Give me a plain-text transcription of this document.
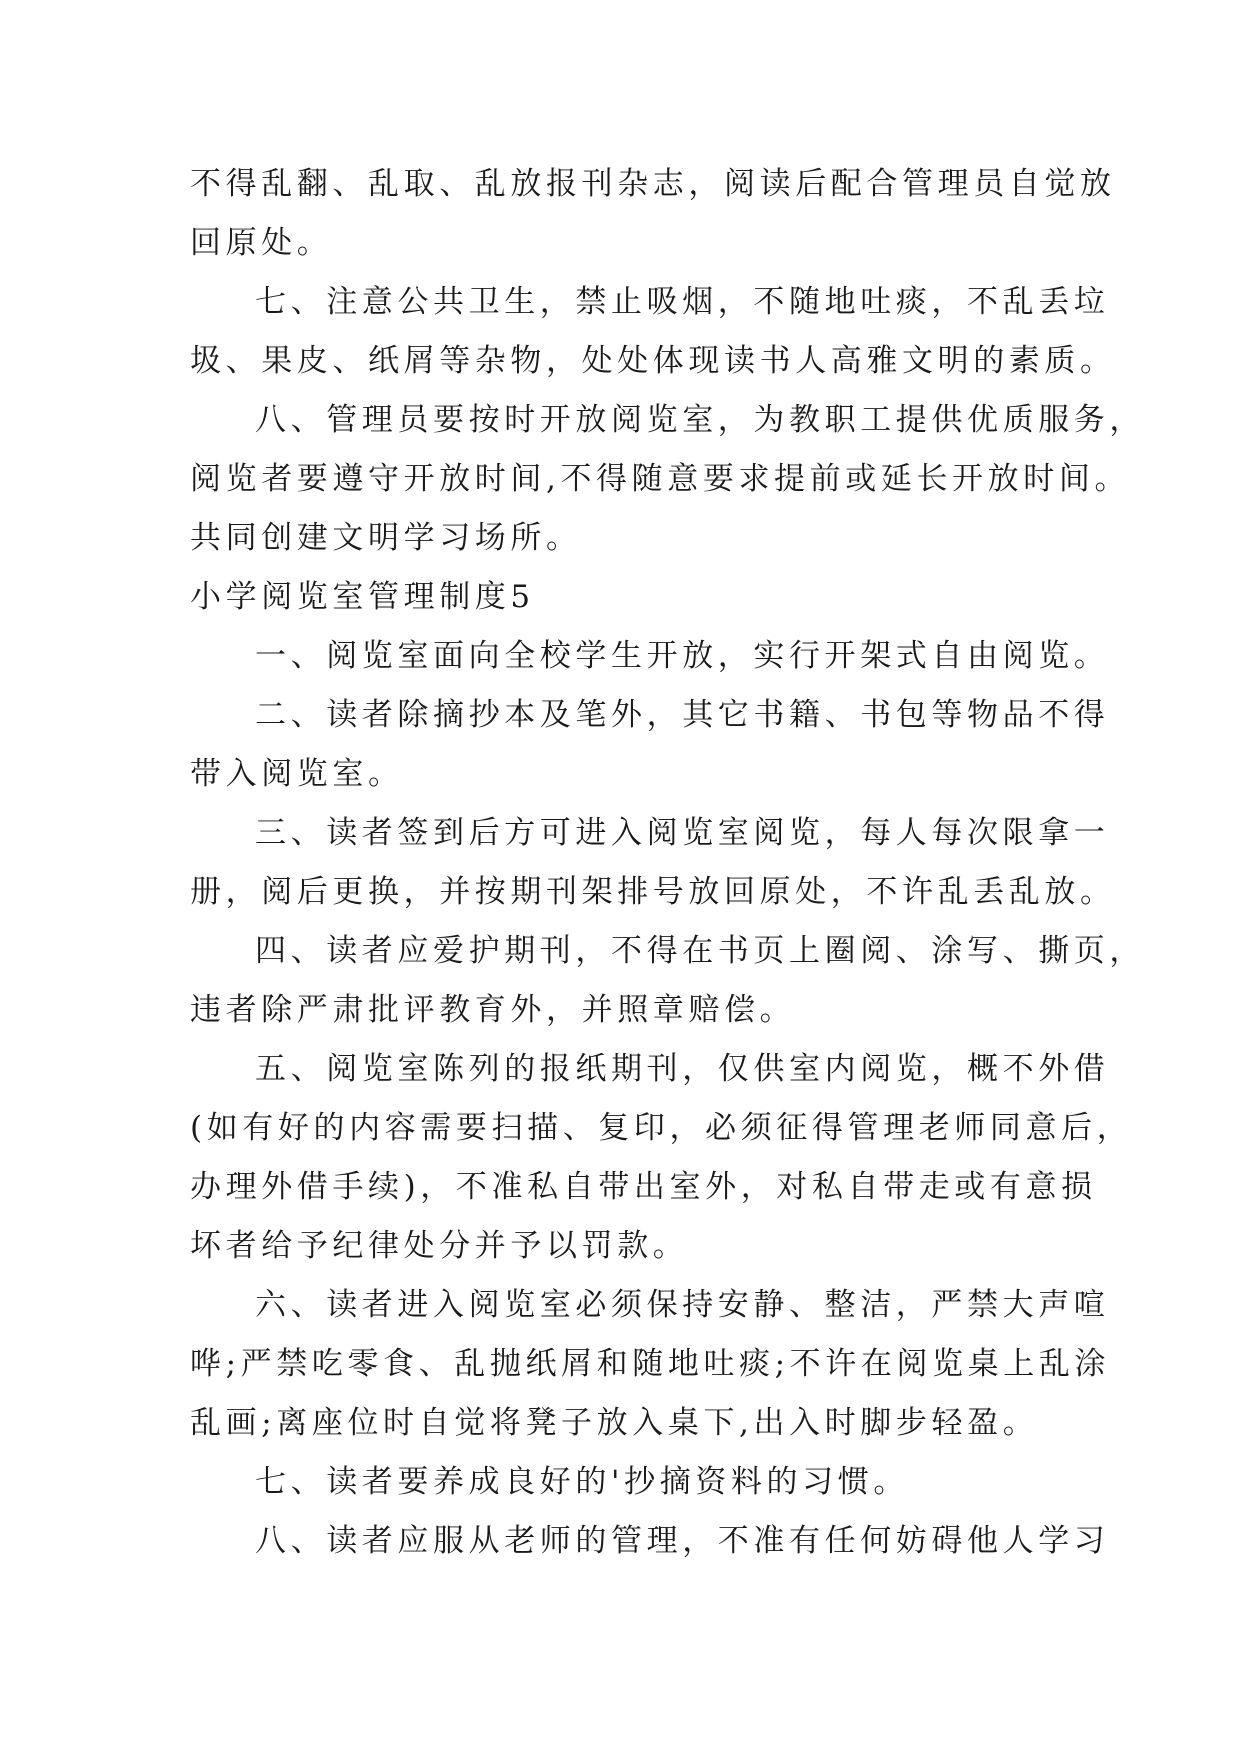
不得乱翻、乱取、乱放报刊杂志，阅读后配合管理员自觉放
回原处。
七、注意公共卫生，禁止吸烟，不随地吐痰，不乱丢垃
圾、果皮、纸屑等杂物，处处体现读书人高雅文明的素质。
八、管理员要按时开放阅览室，为教职工提供优质服务，
阅览者要遵守开放时间,不得随意要求提前或延长开放时间。
共同创建文明学习场所。
小学阅览室管理制度5
一、阅览室面向全校学生开放，实行开架式自由阅览。
二、读者除摘抄本及笔外，其它书籍、书包等物品不得
带入阅览室。
三、读者签到后方可进入阅览室阅览，每人每次限拿一
册，阅后更换，并按期刊架排号放回原处，不许乱丢乱放。
四、读者应爱护期刊，不得在书页上圈阅、涂写、撕页，
违者除严肃批评教育外，并照章赔偿。
五、阅览室陈列的报纸期刊，仅供室内阅览，概不外借
(如有好的内容需要扫描、复印，必须征得管理老师同意后，
办理外借手续)，不准私自带出室外，对私自带走或有意损
坏者给予纪律处分并予以罚款。
六、读者进入阅览室必须保持安静、整洁，严禁大声喧
哗;严禁吃零食、乱抛纸屑和随地吐痰;不许在阅览桌上乱涂
乱画;离座位时自觉将凳子放入桌下,出入时脚步轻盈。
七、读者要养成良好的'抄摘资料的习惯。
八、读者应服从老师的管理，不准有任何妨碍他人学习
